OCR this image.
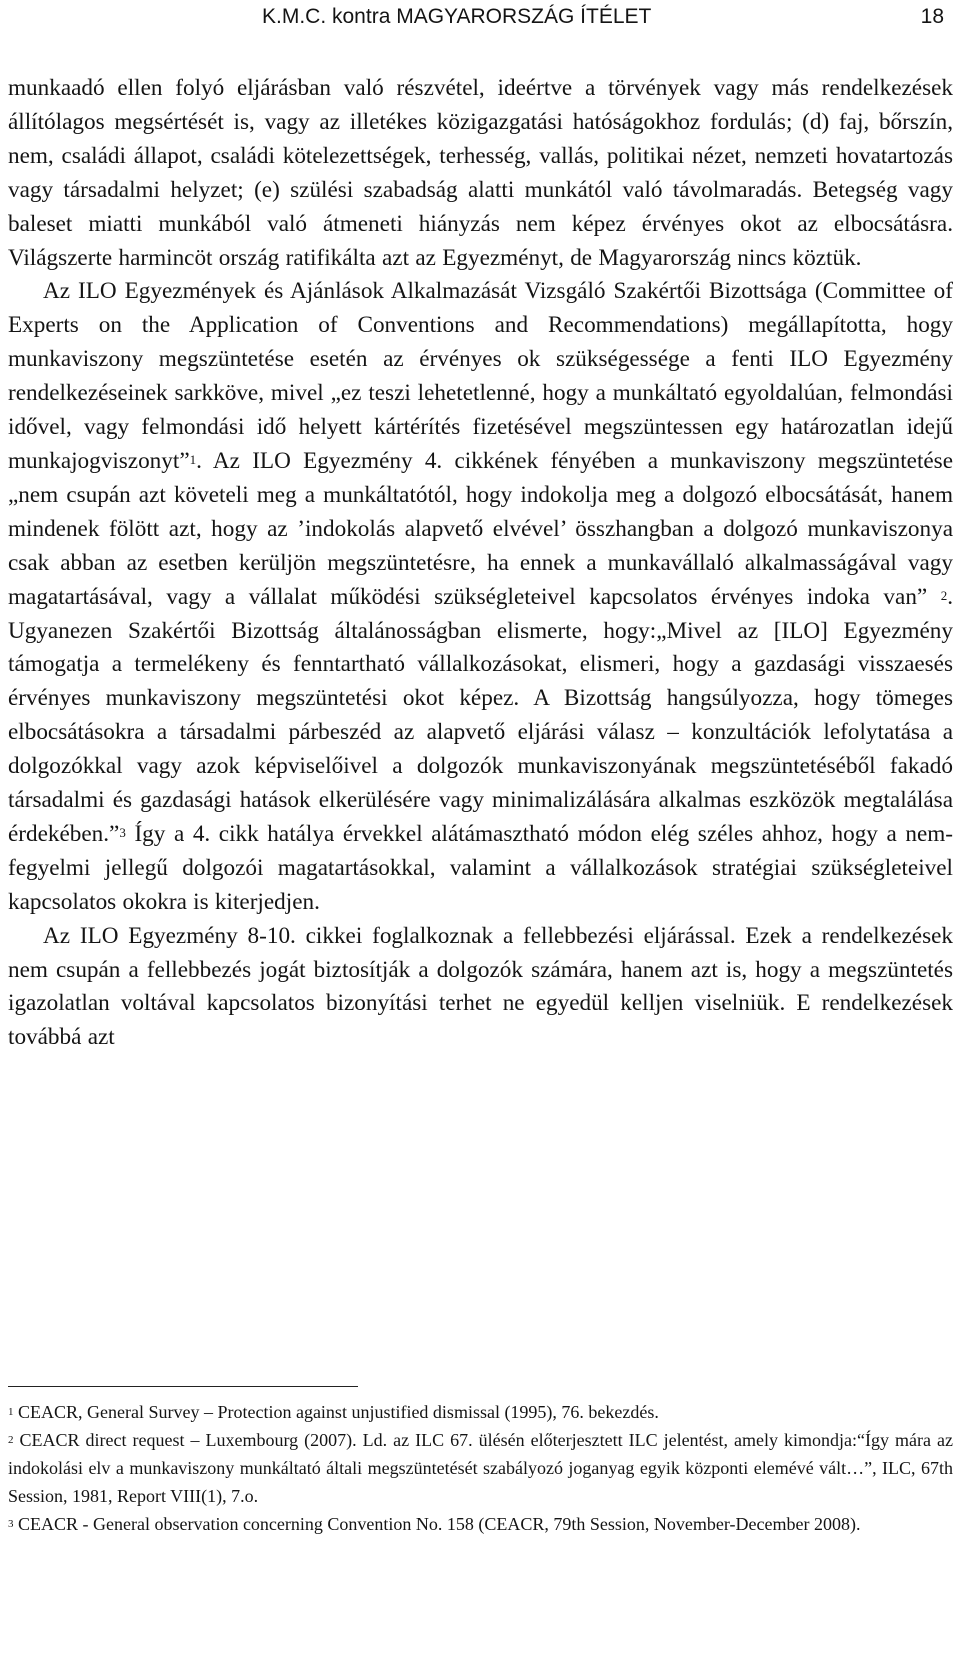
K.M.C. kontra MAGYARORSZÁG ÍTÉLET	18

munkaadó ellen folyó eljárásban való részvétel, ideértve a törvények vagy más rendelkezések állítólagos megsértését is, vagy az illetékes közigazgatási hatóságokhoz fordulás; (d) faj, bőrszín, nem, családi állapot, családi kötelezettségek, terhesség, vallás, politikai nézet, nemzeti hovatartozás vagy társadalmi helyzet; (e) szülési szabadság alatti munkától való távolmaradás. Betegség vagy baleset miatti munkából való átmeneti hiányzás nem képez érvényes okot az elbocsátásra. Világszerte harmincöt ország ratifikálta azt az Egyezményt, de Magyarország nincs köztük.

Az ILO Egyezmények és Ajánlások Alkalmazását Vizsgáló Szakértői Bizottsága (Committee of Experts on the Application of Conventions and Recommendations) megállapította, hogy munkaviszony megszüntetése esetén az érvényes ok szükségessége a fenti ILO Egyezmény rendelkezéseinek sarkköve, mivel „ez teszi lehetetlenné, hogy a munkáltató egyoldalúan, felmondási idővel, vagy felmondási idő helyett kártérítés fizetésével megszüntessen egy határozatlan idejű munkajogviszonyt”$^1$. Az ILO Egyezmény 4. cikkének fényében a munkaviszony megszüntetése „nem csupán azt követeli meg a munkáltatótól, hogy indokolja meg a dolgozó elbocsátását, hanem mindenek fölött azt, hogy az ’indokolás alapvető elvével’ összhangban a dolgozó munkaviszonya csak abban az esetben kerüljön megszüntetésre, ha ennek a munkavállaló alkalmasságával vagy magatartásával, vagy a vállalat működési szükségleteivel kapcsolatos érvényes indoka van” $^2$. Ugyanezen Szakértői Bizottság általánosságban elismerte, hogy:„Mivel az [ILO] Egyezmény támogatja a termelékeny és fenntartható vállalkozásokat, elismeri, hogy a gazdasági visszaesés érvényes munkaviszony megszüntetési okot képez. A Bizottság hangsúlyozza, hogy tömeges elbocsátásokra a társadalmi párbeszéd az alapvető eljárási válasz – konzultációk lefolytatása a dolgozókkal vagy azok képviselőivel a dolgozók munkaviszonyának megszüntetéséből fakadó társadalmi és gazdasági hatások elkerülésére vagy minimalizálására alkalmas eszközök megtalálása érdekében.”$^3$ Így a 4. cikk hatálya érvekkel alátámasztható módon elég széles ahhoz, hogy a nem-fegyelmi jellegű dolgozói magatartásokkal, valamint a vállalkozások stratégiai szükségleteivel kapcsolatos okokra is kiterjedjen.

Az ILO Egyezmény 8-10. cikkei foglalkoznak a fellebbezési eljárással. Ezek a rendelkezések nem csupán a fellebbezés jogát biztosítják a dolgozók számára, hanem azt is, hogy a megszüntetés igazolatlan voltával kapcsolatos bizonyítási terhet ne egyedül kelljen viselniük. E rendelkezések továbbá azt

$^1$ CEACR, General Survey – Protection against unjustified dismissal (1995), 76. bekezdés.

$^2$ CEACR direct request – Luxembourg (2007). Ld. az ILC 67. ülésén előterjesztett ILC jelentést, amely kimondja:“Így mára az indokolási elv a munkaviszony munkáltató általi megszüntetését szabályozó joganyag egyik központi elemévé vált…”, ILC, 67th Session, 1981, Report VIII(1), 7.o.

$^3$ CEACR - General observation concerning Convention No. 158 (CEACR, 79th Session, November-December 2008).
